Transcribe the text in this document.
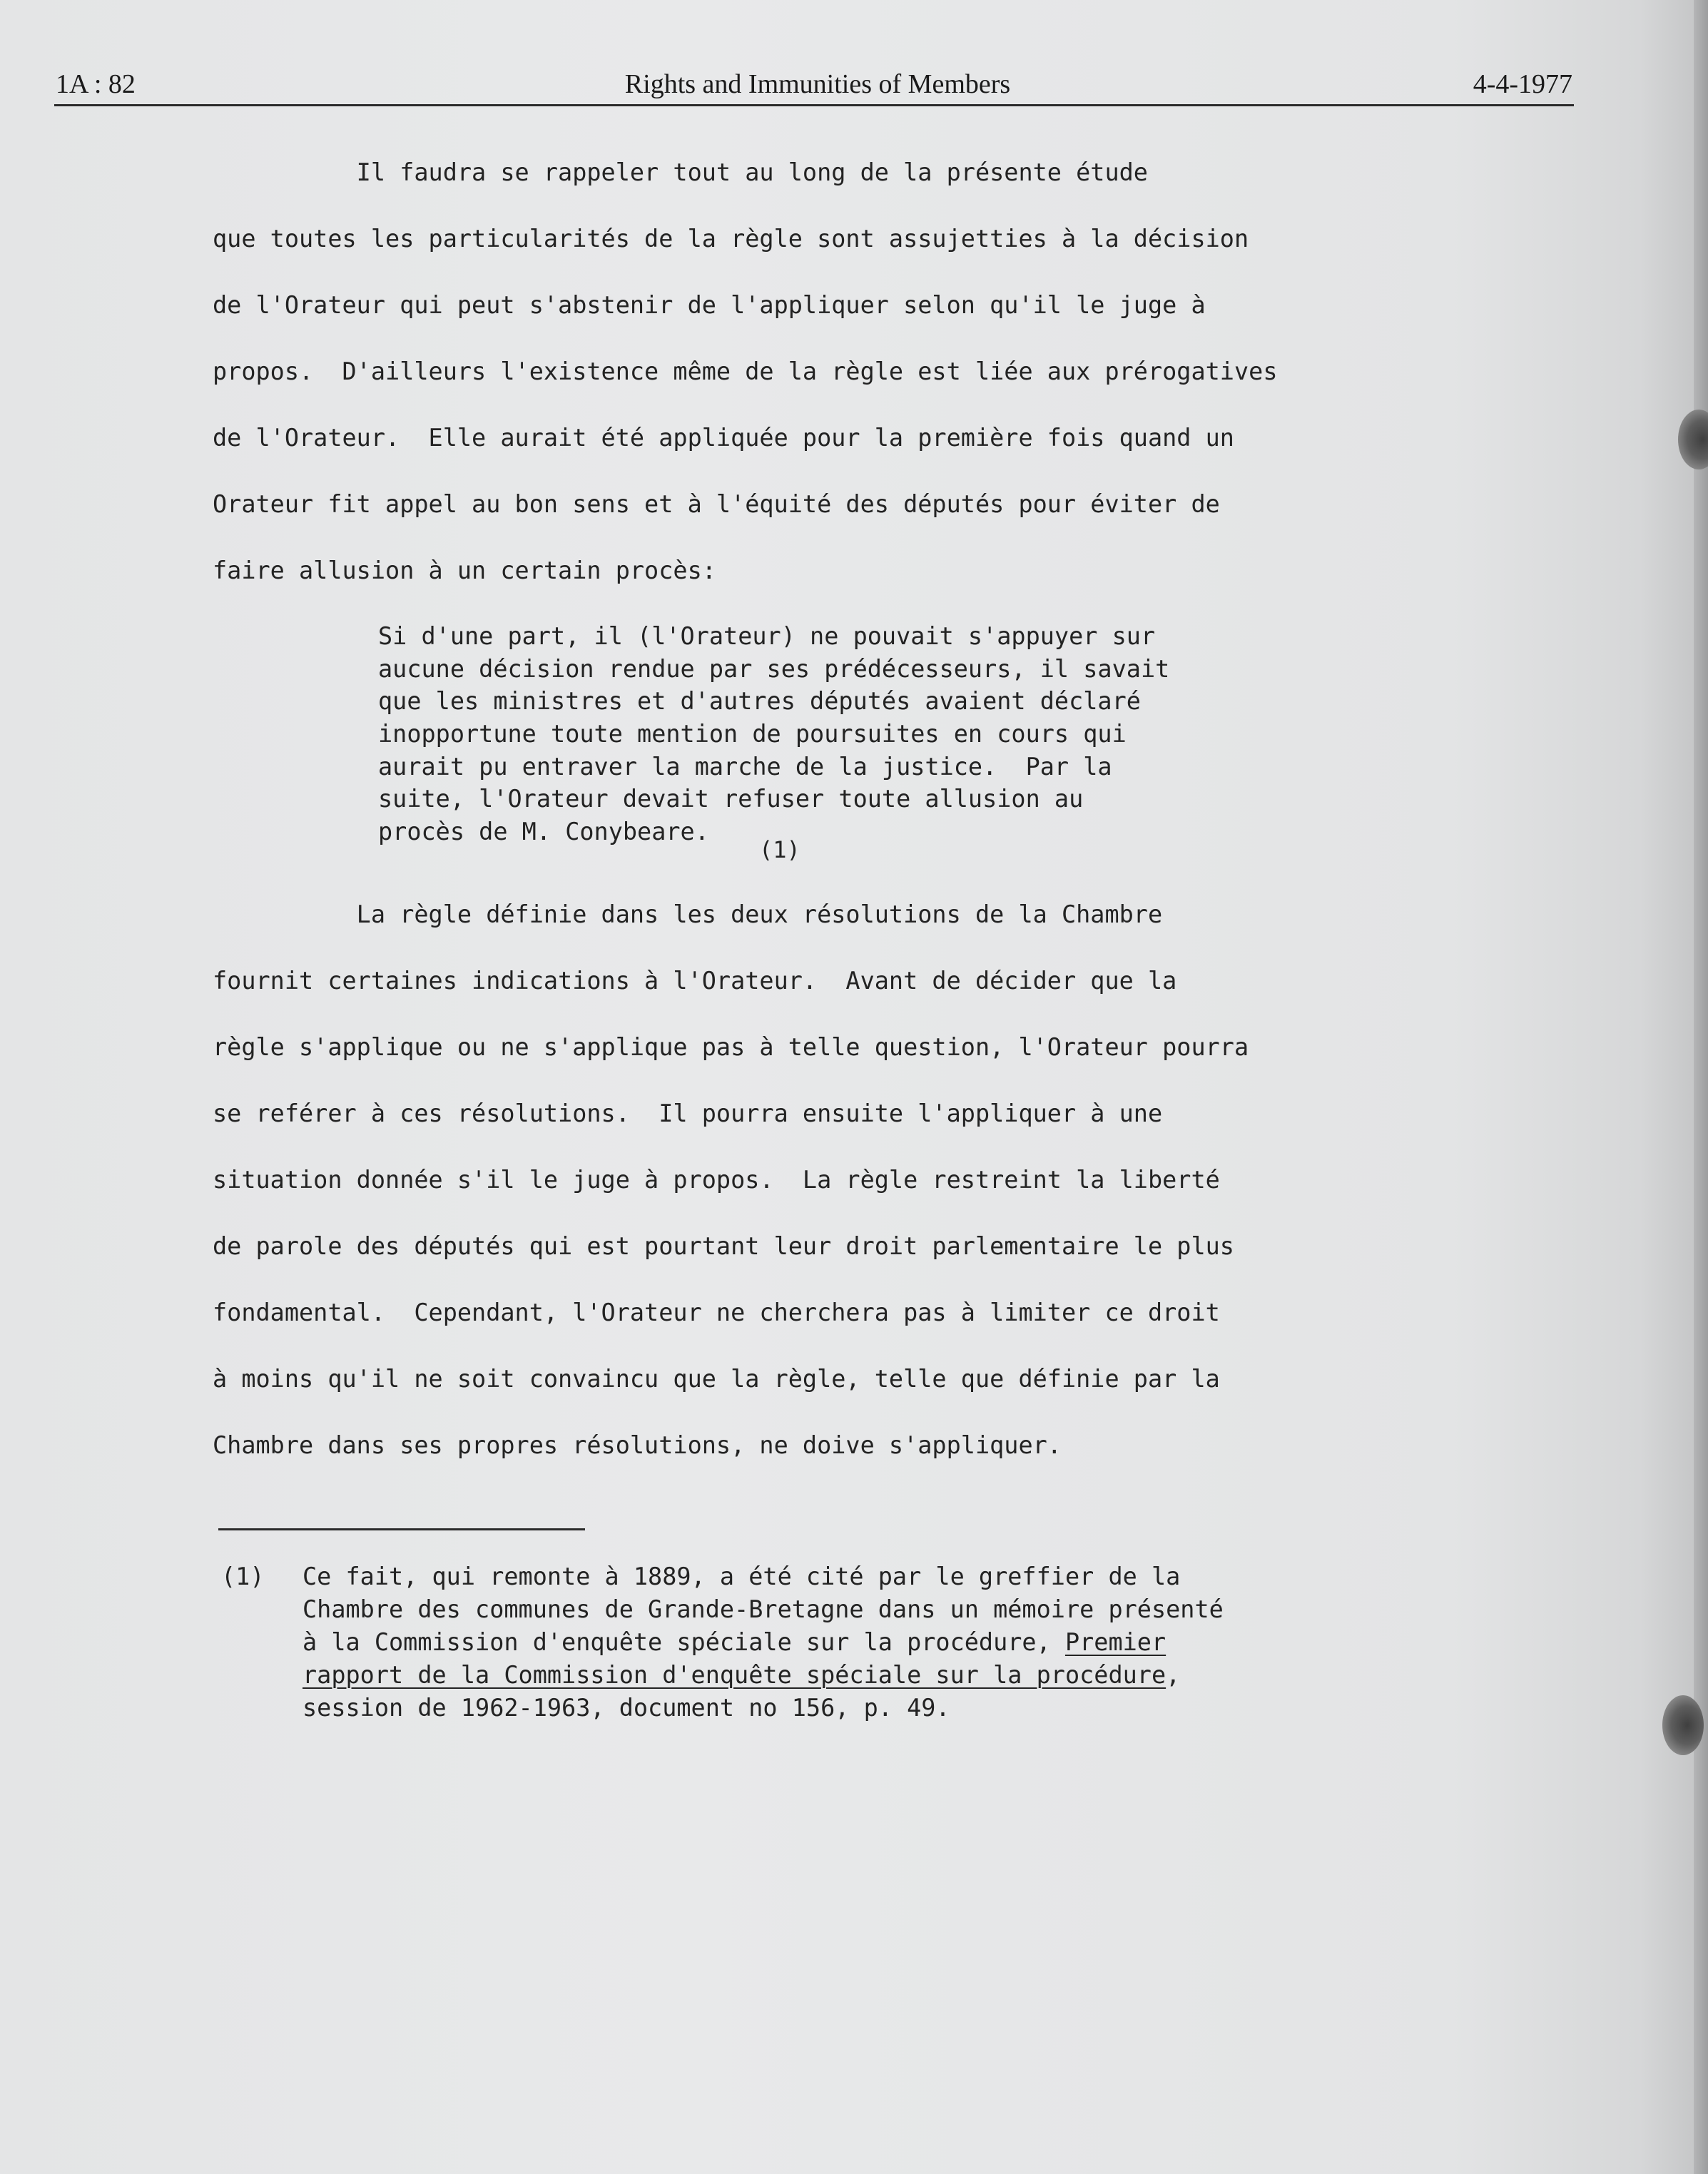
1A : 82	Rights and Immunities of Members	4-4-1977
Il faudra se rappeler tout au long de la présente étude
que toutes les particularités de la règle sont assujetties à la décision
de l'Orateur qui peut s'abstenir de l'appliquer selon qu'il le juge à
propos.  D'ailleurs l'existence même de la règle est liée aux prérogatives
de l'Orateur.  Elle aurait été appliquée pour la première fois quand un
Orateur fit appel au bon sens et à l'équité des députés pour éviter de
faire allusion à un certain procès:
Si d'une part, il (l'Orateur) ne pouvait s'appuyer sur
aucune décision rendue par ses prédécesseurs, il savait
que les ministres et d'autres députés avaient déclaré
inopportune toute mention de poursuites en cours qui
aurait pu entraver la marche de la justice.  Par la
suite, l'Orateur devait refuser toute allusion au
procès de M. Conybeare.
(1)
La règle définie dans les deux résolutions de la Chambre
fournit certaines indications à l'Orateur.  Avant de décider que la
règle s'applique ou ne s'applique pas à telle question, l'Orateur pourra
se reférer à ces résolutions.  Il pourra ensuite l'appliquer à une
situation donnée s'il le juge à propos.  La règle restreint la liberté
de parole des députés qui est pourtant leur droit parlementaire le plus
fondamental.  Cependant, l'Orateur ne cherchera pas à limiter ce droit
à moins qu'il ne soit convaincu que la règle, telle que définie par la
Chambre dans ses propres résolutions, ne doive s'appliquer.
(1) Ce fait, qui remonte à 1889, a été cité par le greffier de la
Chambre des communes de Grande-Bretagne dans un mémoire présenté
à la Commission d'enquête spéciale sur la procédure, Premier
rapport de la Commission d'enquête spéciale sur la procédure,
session de 1962-1963, document no 156, p. 49.
